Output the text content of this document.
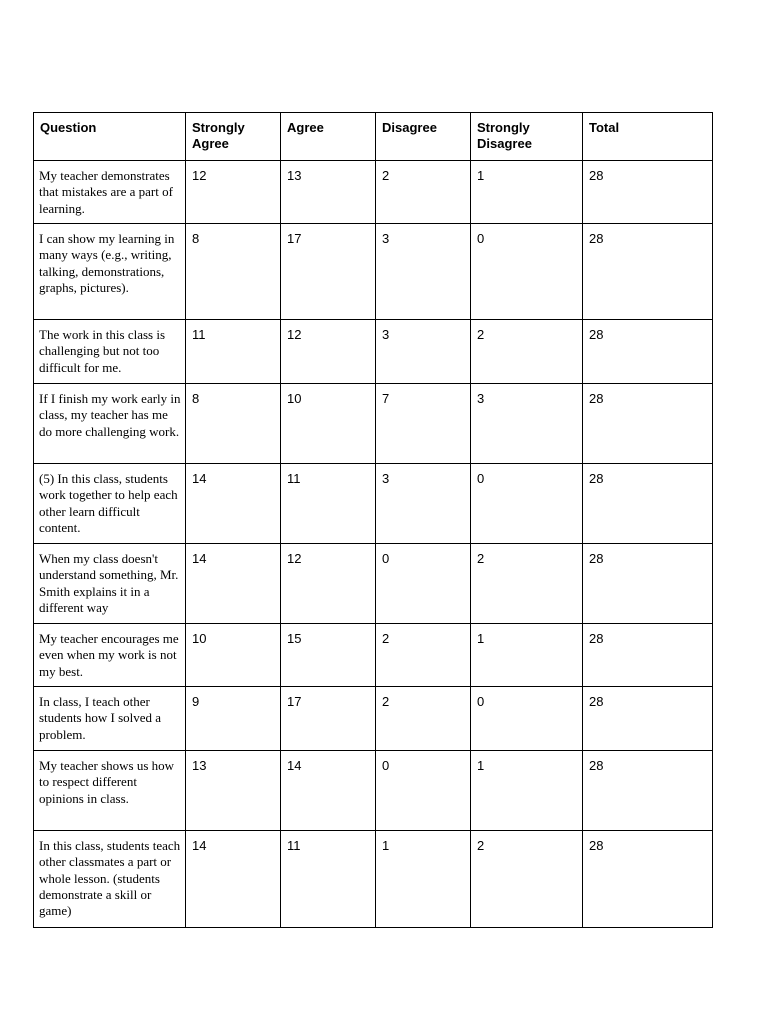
Question	Strongly Agree	Agree	Disagree	Strongly Disagree	Total
My teacher demonstrates that mistakes are a part of learning.	12	13	2	1	28
I can show my learning in many ways (e.g., writing, talking, demonstrations, graphs, pictures).	8	17	3	0	28
The work in this class is challenging but not too difficult for me.	11	12	3	2	28
If I finish my work early in class, my teacher has me do more challenging work.	8	10	7	3	28
(5) In this class, students work together to help each other learn difficult content.	14	11	3	0	28
When my class doesn't understand something, Mr. Smith explains it in a different way	14	12	0	2	28
My teacher encourages me even when my work is not my best.	10	15	2	1	28
In class, I teach other students how I solved a problem.	9	17	2	0	28
My teacher shows us how to respect different opinions in class.	13	14	0	1	28
In this class, students teach other classmates a part or whole lesson. (students demonstrate a skill or game)	14	11	1	2	28
